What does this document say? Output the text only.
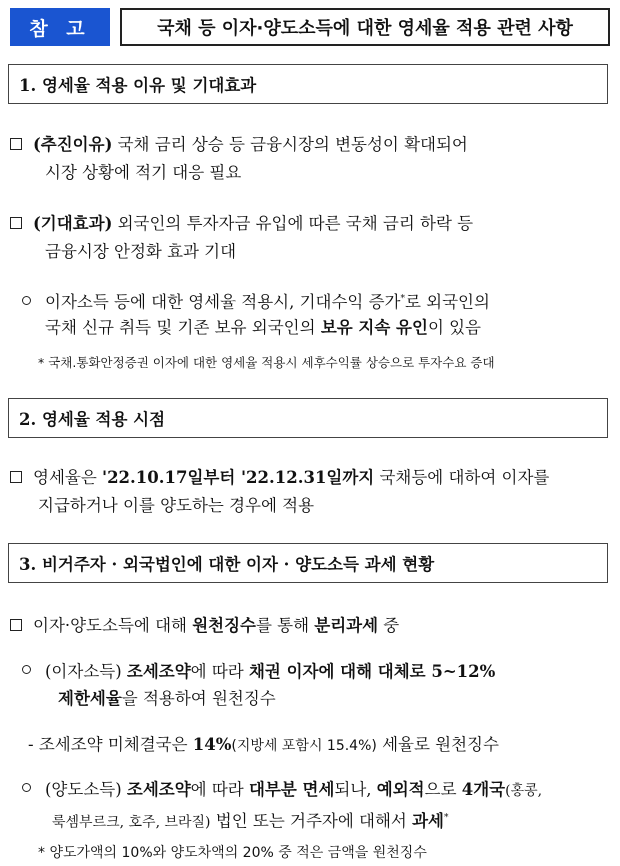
참 고	국채 등 이자·양도소득에 대한 영세율 적용 관련 사항
1. 영세율 적용 이유 및 기대효과
(추진이유) 국채 금리 상승 등 금융시장의 변동성이 확대되어
시장 상황에 적기 대응 필요
(기대효과) 외국인의 투자자금 유입에 따른 국채 금리 하락 등
금융시장 안정화 효과 기대
이자소득 등에 대한 영세율 적용시, 기대수익 증가*로 외국인의
국채 신규 취득 및 기존 보유 외국인의 보유 지속 유인이 있음
* 국채.통화안정증권 이자에 대한 영세율 적용시 세후수익률 상승으로 투자수요 증대
2. 영세율 적용 시점
영세율은 '22.10.17일부터 '22.12.31일까지 국채등에 대하여 이자를
지급하거나 이를 양도하는 경우에 적용
3. 비거주자 · 외국법인에 대한 이자 · 양도소득 과세 현황
이자·양도소득에 대해 원천징수를 통해 분리과세 중
(이자소득) 조세조약에 따라 채권 이자에 대해 대체로 5~12%
제한세율을 적용하여 원천징수
- 조세조약 미체결국은 14%(지방세 포함시 15.4%) 세율로 원천징수
(양도소득) 조세조약에 따라 대부분 면세되나, 예외적으로 4개국(홍콩,
룩셈부르크, 호주, 브라질) 법인 또는 거주자에 대해서 과세*
* 양도가액의 10%와 양도차액의 20% 중 적은 금액을 원천징수
